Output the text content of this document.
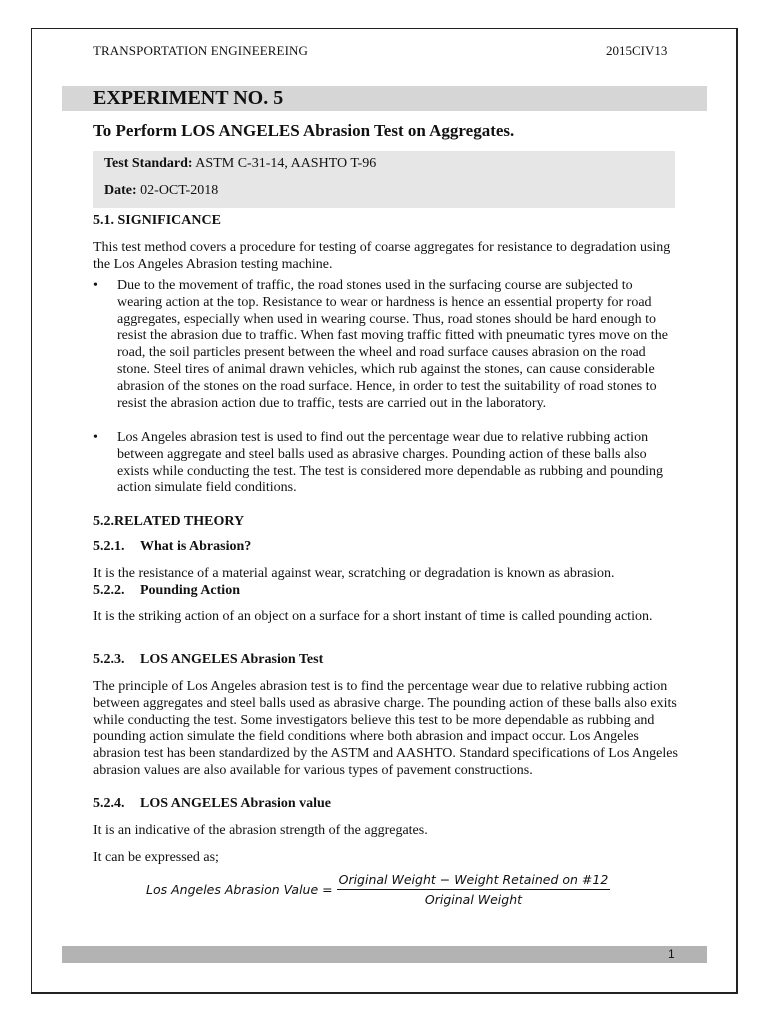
TRANSPORTATION ENGINEEREING	2015CIV13
EXPERIMENT NO. 5
To Perform LOS ANGELES Abrasion Test on Aggregates.
Test Standard: ASTM C-31-14, AASHTO T-96
Date: 02-OCT-2018
5.1. SIGNIFICANCE
This test method covers a procedure for testing of coarse aggregates for resistance to degradation using the Los Angeles Abrasion testing machine.
• Due to the movement of traffic, the road stones used in the surfacing course are subjected to wearing action at the top. Resistance to wear or hardness is hence an essential property for road aggregates, especially when used in wearing course. Thus, road stones should be hard enough to resist the abrasion due to traffic. When fast moving traffic fitted with pneumatic tyres move on the road, the soil particles present between the wheel and road surface causes abrasion on the road stone. Steel tires of animal drawn vehicles, which rub against the stones, can cause considerable abrasion of the stones on the road surface. Hence, in order to test the suitability of road stones to resist the abrasion action due to traffic, tests are carried out in the laboratory.
• Los Angeles abrasion test is used to find out the percentage wear due to relative rubbing action between aggregate and steel balls used as abrasive charges. Pounding action of these balls also exists while conducting the test. The test is considered more dependable as rubbing and pounding action simulate field conditions.
5.2.RELATED THEORY
5.2.1. What is Abrasion?
It is the resistance of a material against wear, scratching or degradation is known as abrasion.
5.2.2. Pounding Action
It is the striking action of an object on a surface for a short instant of time is called pounding action.
5.2.3. LOS ANGELES Abrasion Test
The principle of Los Angeles abrasion test is to find the percentage wear due to relative rubbing action between aggregates and steel balls used as abrasive charge. The pounding action of these balls also exits while conducting the test. Some investigators believe this test to be more dependable as rubbing and pounding action simulate the field conditions where both abrasion and impact occur. Los Angeles abrasion test has been standardized by the ASTM and AASHTO. Standard specifications of Los Angeles abrasion values are also available for various types of pavement constructions.
5.2.4. LOS ANGELES Abrasion value
It is an indicative of the abrasion strength of the aggregates.
It can be expressed as;
Los Angeles Abrasion Value = $\frac{\text{Original Weight − Weight Retained on \#12}}{\text{Original Weight}}$
1
